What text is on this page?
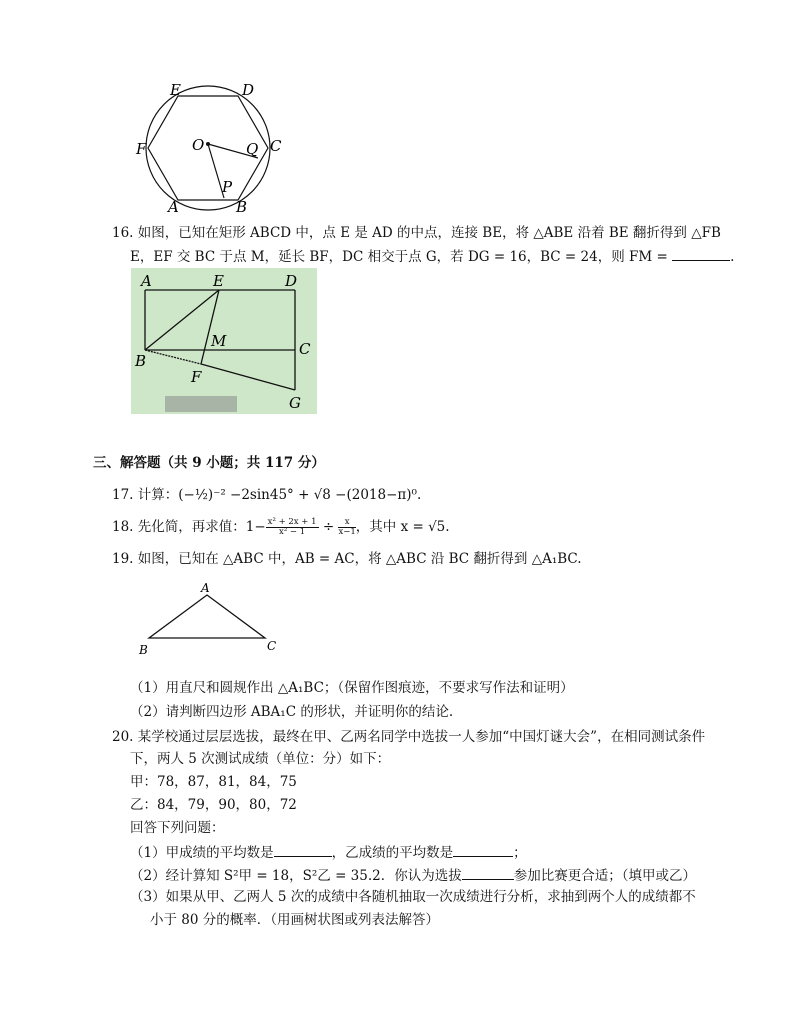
E	D
F	C
O	Q
P
A	B
16. 如图，已知在矩形 ABCD 中，点 E 是 AD 的中点，连接 BE，将 △ABE 沿着 BE 翻折得到 △FB
E，EF 交 BC 于点 M，延长 BF，DC 相交于点 G，若 DG = 16，BC = 24，则 FM =	.
A	E	D
M	C
B
F
G
三、解答题（共 9 小题；共 117 分）
17. 计算：(−½)⁻² −2sin45° + √8 −(2018−π)⁰.
18. 先化简，再求值：$1- \frac{\text{x² + 2x + 1}}{\text{x² − 1}} \div \frac{x}{x-1}$ ，其中 x = √5.
19. 如图，已知在 △ABC 中，AB = AC，将 △ABC 沿 BC 翻折得到 △A₁BC.
A
B	C
（1）用直尺和圆规作出 △A₁BC；（保留作图痕迹，不要求写作法和证明）
（2）请判断四边形 ABA₁C 的形状，并证明你的结论.
20. 某学校通过层层选拔，最终在甲、乙两名同学中选拔一人参加“中国灯谜大会”，在相同测试条件
下，两人 5 次测试成绩（单位：分）如下：
甲：78，87，81，84，75
乙：84，79，90，80，72
回答下列问题：
（1）甲成绩的平均数是	，乙成绩的平均数是	；
（2）经计算知 S²甲 = 18，S²乙 = 35.2．你认为选拔	参加比赛更合适；（填甲或乙）
（3）如果从甲、乙两人 5 次的成绩中各随机抽取一次成绩进行分析，求抽到两个人的成绩都不
小于 80 分的概率．（用画树状图或列表法解答）
